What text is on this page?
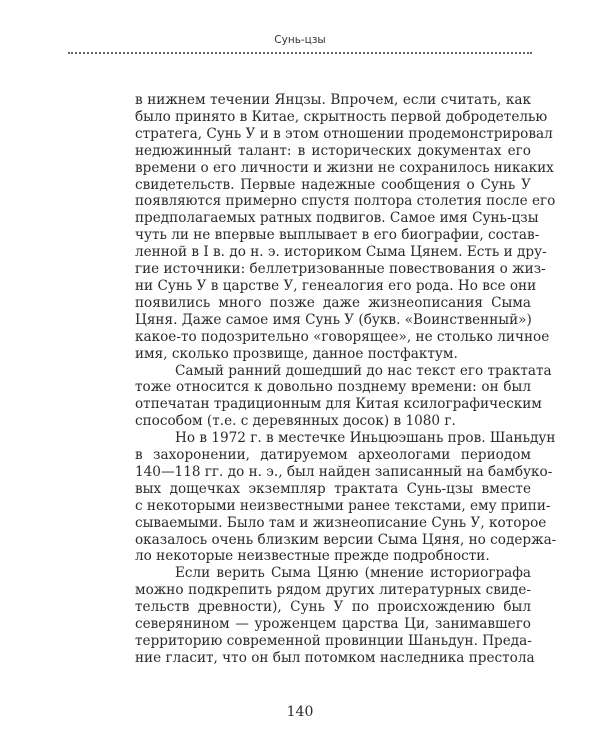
Сунь-цзы
в нижнем течении Янцзы. Впрочем, если считать, как
было принято в Китае, скрытность первой добродетелью
стратега, Сунь У и в этом отношении продемонстрировал
недюжинный талант: в исторических документах его
времени о его личности и жизни не сохранилось никаких
свидетельств. Первые надежные сообщения о Сунь У
появляются примерно спустя полтора столетия после его
предполагаемых ратных подвигов. Самое имя Сунь-цзы
чуть ли не впервые выплывает в его биографии, состав-
ленной в I в. до н. э. историком Сыма Цянем. Есть и дру-
гие источники: беллетризованные повествования о жиз-
ни Сунь У в царстве У, генеалогия его рода. Но все они
появились много позже даже жизнеописания Сыма
Цяня. Даже самое имя Сунь У (букв. «Воинственный»)
какое-то подозрительно «говорящее», не столько личное
имя, сколько прозвище, данное постфактум.
Самый ранний дошедший до нас текст его трактата
тоже относится к довольно позднему времени: он был
отпечатан традиционным для Китая ксилографическим
способом (т.е. с деревянных досок) в 1080 г.
Но в 1972 г. в местечке Иньцюэшань пров. Шаньдун
в захоронении, датируемом археологами периодом
140—118 гг. до н. э., был найден записанный на бамбуко-
вых дощечках экземпляр трактата Сунь-цзы вместе
с некоторыми неизвестными ранее текстами, ему припи-
сываемыми. Было там и жизнеописание Сунь У, которое
оказалось очень близким версии Сыма Цяня, но содержа-
ло некоторые неизвестные прежде подробности.
Если верить Сыма Цяню (мнение историографа
можно подкрепить рядом других литературных свиде-
тельств древности), Сунь У по происхождению был
северянином — уроженцем царства Ци, занимавшего
территорию современной провинции Шаньдун. Преда-
ние гласит, что он был потомком наследника престола
140
